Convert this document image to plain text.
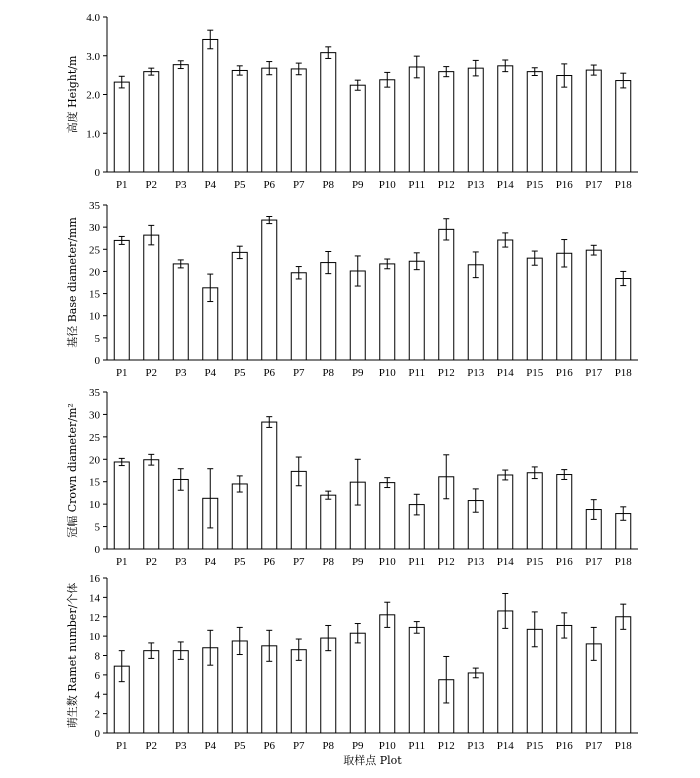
高度 Height/m
0
1.0
2.0
3.0
4.0
P1 P2 P3 P4 P5 P6 P7 P8 P9 P10 P11 P12 P13 P14 P15 P16 P17 P18
基径 Base diameter/mm
0
5
10
15
20
25
30
35
P1 P2 P3 P4 P5 P6 P7 P8 P9 P10 P11 P12 P13 P14 P15 P16 P17 P18
冠幅 Crown diameter/m²
0
5
10
15
20
25
30
35
P1 P2 P3 P4 P5 P6 P7 P8 P9 P10 P11 P12 P13 P14 P15 P16 P17 P18
萌生数 Ramet number/个体
取样点 Plot
0
2
4
6
8
10
12
14
16
P1 P2 P3 P4 P5 P6 P7 P8 P9 P10 P11 P12 P13 P14 P15 P16 P17 P18
